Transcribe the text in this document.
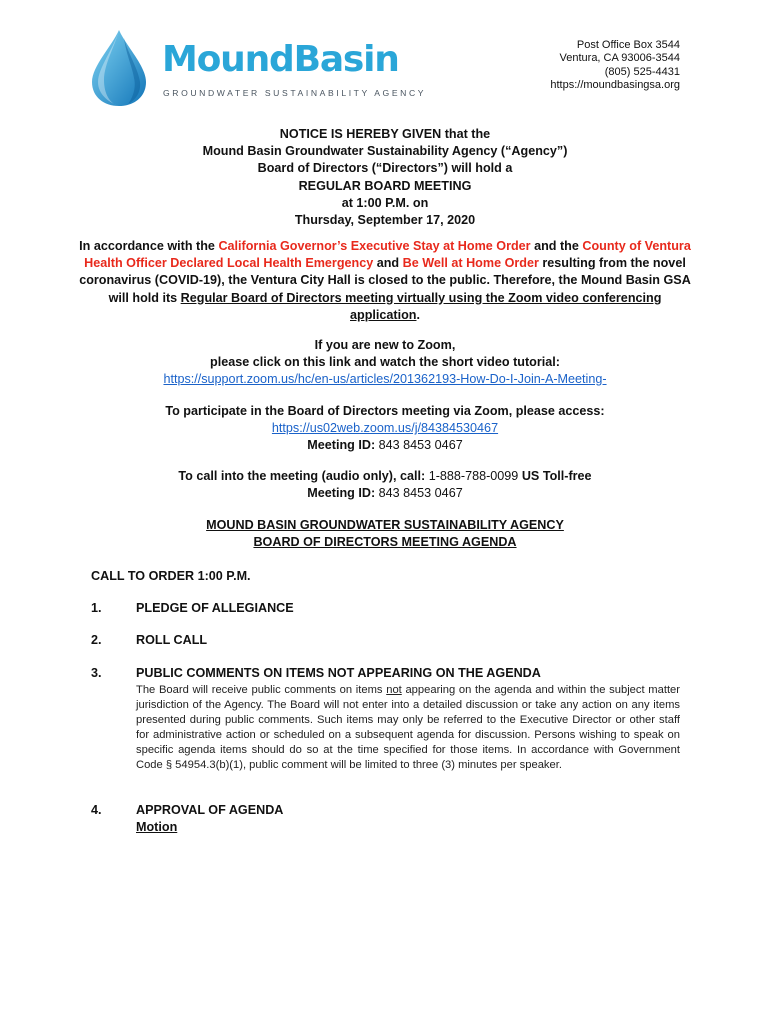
MoundBasin
GROUNDWATER SUSTAINABILITY AGENCY
Post Office Box 3544
Ventura, CA 93006-3544
(805) 525-4431
https://moundbasingsa.org
NOTICE IS HEREBY GIVEN that the
Mound Basin Groundwater Sustainability Agency (“Agency”)
Board of Directors (“Directors”) will hold a
REGULAR BOARD MEETING
at 1:00 P.M. on
Thursday, September 17, 2020
In accordance with the California Governor’s Executive Stay at Home Order and the County of Ventura Health Officer Declared Local Health Emergency and Be Well at Home Order resulting from the novel coronavirus (COVID-19), the Ventura City Hall is closed to the public. Therefore, the Mound Basin GSA will hold its Regular Board of Directors meeting virtually using the Zoom video conferencing application.
If you are new to Zoom,
please click on this link and watch the short video tutorial:
https://support.zoom.us/hc/en-us/articles/201362193-How-Do-I-Join-A-Meeting-
To participate in the Board of Directors meeting via Zoom, please access:
https://us02web.zoom.us/j/84384530467
Meeting ID: 843 8453 0467
To call into the meeting (audio only), call: 1-888-788-0099 US Toll-free
Meeting ID: 843 8453 0467
MOUND BASIN GROUNDWATER SUSTAINABILITY AGENCY
BOARD OF DIRECTORS MEETING AGENDA
CALL TO ORDER 1:00 P.M.
1.	PLEDGE OF ALLEGIANCE
2.	ROLL CALL
3.	PUBLIC COMMENTS ON ITEMS NOT APPEARING ON THE AGENDA
The Board will receive public comments on items not appearing on the agenda and within the subject matter jurisdiction of the Agency. The Board will not enter into a detailed discussion or take any action on any items presented during public comments. Such items may only be referred to the Executive Director or other staff for administrative action or scheduled on a subsequent agenda for discussion. Persons wishing to speak on specific agenda items should do so at the time specified for those items. In accordance with Government Code § 54954.3(b)(1), public comment will be limited to three (3) minutes per speaker.
4.	APPROVAL OF AGENDA
Motion
